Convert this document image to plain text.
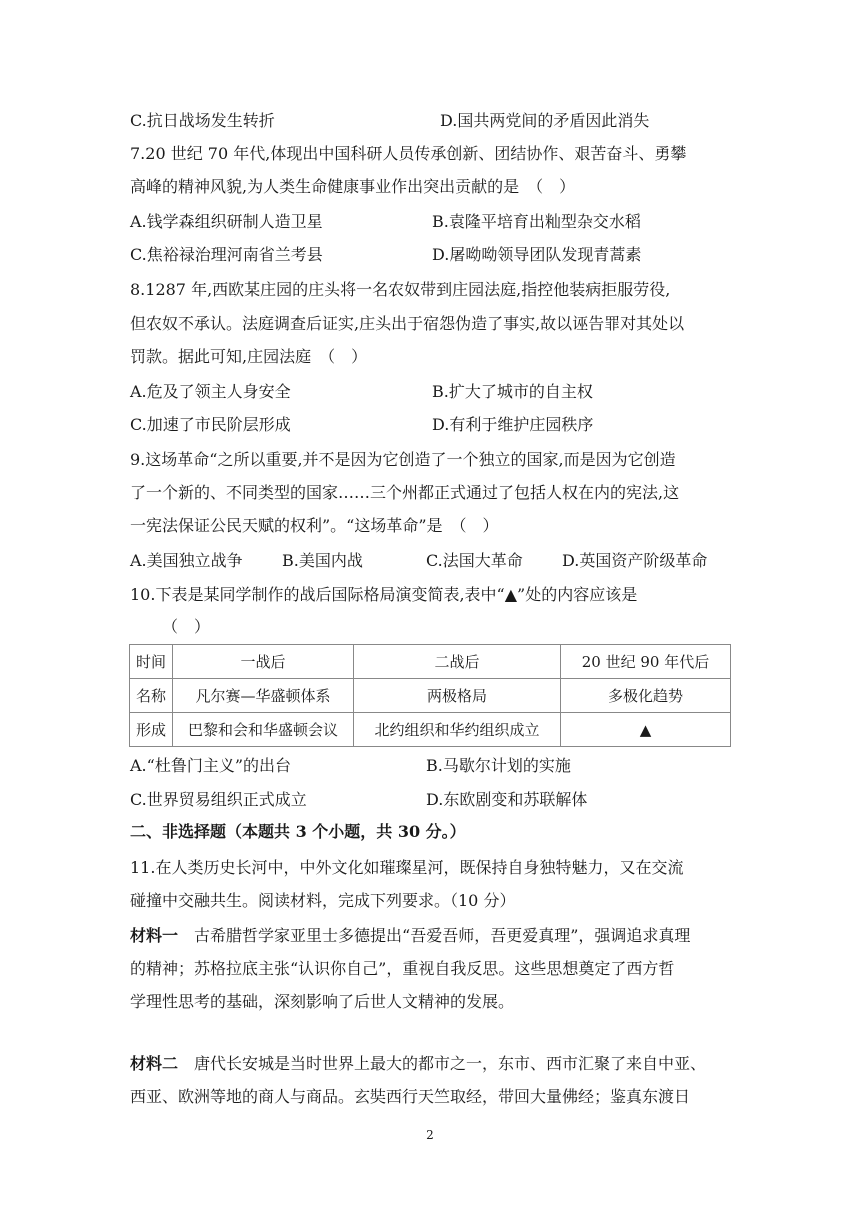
C.抗日战场发生转折	D.国共两党间的矛盾因此消失
7.20 世纪 70 年代,体现出中国科研人员传承创新、团结协作、艰苦奋斗、勇攀
高峰的精神风貌,为人类生命健康事业作出突出贡献的是　（　）
A.钱学森组织研制人造卫星	B.袁隆平培育出籼型杂交水稻
C.焦裕禄治理河南省兰考县	D.屠呦呦领导团队发现青蒿素
8.1287 年,西欧某庄园的庄头将一名农奴带到庄园法庭,指控他装病拒服劳役,
但农奴不承认。法庭调查后证实,庄头出于宿怨伪造了事实,故以诬告罪对其处以
罚款。据此可知,庄园法庭　（　）
A.危及了领主人身安全	B.扩大了城市的自主权
C.加速了市民阶层形成	D.有利于维护庄园秩序
9.这场革命“之所以重要,并不是因为它创造了一个独立的国家,而是因为它创造
了一个新的、不同类型的国家……三个州都正式通过了包括人权在内的宪法,这
一宪法保证公民天赋的权利”。“这场革命”是　（　）
A.美国独立战争 B.美国内战	C.法国大革命 D.英国资产阶级革命
10.下表是某同学制作的战后国际格局演变简表,表中“▲”处的内容应该是
（　）
时间	一战后	二战后	20 世纪 90 年代后
名称	凡尔赛—华盛顿体系	两极格局	多极化趋势
形成	巴黎和会和华盛顿会议	北约组织和华约组织成立	▲
A.“杜鲁门主义”的出台	B.马歇尔计划的实施
C.世界贸易组织正式成立	D.东欧剧变和苏联解体
二、非选择题（本题共 3 个小题，共 30 分。）
11.在人类历史长河中，中外文化如璀璨星河，既保持自身独特魅力，又在交流
碰撞中交融共生。阅读材料，完成下列要求。（10 分）
材料一　古希腊哲学家亚里士多德提出“吾爱吾师，吾更爱真理”，强调追求真理
的精神；苏格拉底主张“认识你自己”，重视自我反思。这些思想奠定了西方哲
学理性思考的基础，深刻影响了后世人文精神的发展。
材料二　唐代长安城是当时世界上最大的都市之一，东市、西市汇聚了来自中亚、
西亚、欧洲等地的商人与商品。玄奘西行天竺取经，带回大量佛经；鉴真东渡日
2
